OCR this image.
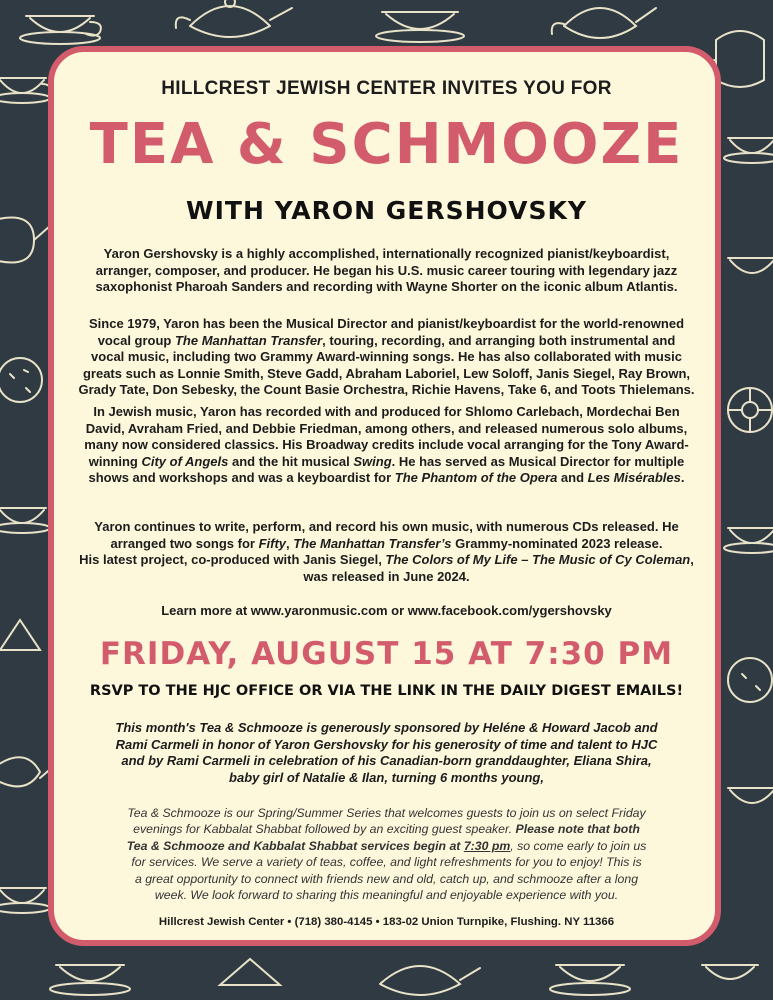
HILLCREST JEWISH CENTER INVITES YOU FOR
TEA & SCHMOOZE
WITH YARON GERSHOVSKY
Yaron Gershovsky is a highly accomplished, internationally recognized pianist/keyboardist,
arranger, composer, and producer. He began his U.S. music career touring with legendary jazz
saxophonist Pharoah Sanders and recording with Wayne Shorter on the iconic album Atlantis.
Since 1979, Yaron has been the Musical Director and pianist/keyboardist for the world-renowned
vocal group The Manhattan Transfer, touring, recording, and arranging both instrumental and
vocal music, including two Grammy Award-winning songs. He has also collaborated with music
greats such as Lonnie Smith, Steve Gadd, Abraham Laboriel, Lew Soloff, Janis Siegel, Ray Brown,
Grady Tate, Don Sebesky, the Count Basie Orchestra, Richie Havens, Take 6, and Toots Thielemans.
In Jewish music, Yaron has recorded with and produced for Shlomo Carlebach, Mordechai Ben
David, Avraham Fried, and Debbie Friedman, among others, and released numerous solo albums,
many now considered classics. His Broadway credits include vocal arranging for the Tony Award-
winning City of Angels and the hit musical Swing. He has served as Musical Director for multiple
shows and workshops and was a keyboardist for The Phantom of the Opera and Les Misérables.
Yaron continues to write, perform, and record his own music, with numerous CDs released. He
arranged two songs for Fifty, The Manhattan Transfer’s Grammy-nominated 2023 release.
His latest project, co-produced with Janis Siegel, The Colors of My Life – The Music of Cy Coleman,
was released in June 2024.
Learn more at www.yaronmusic.com or www.facebook.com/ygershovsky
FRIDAY, AUGUST 15 AT 7:30 PM
RSVP TO THE HJC OFFICE OR VIA THE LINK IN THE DAILY DIGEST EMAILS!
This month's Tea & Schmooze is generously sponsored by Heléne & Howard Jacob and
Rami Carmeli in honor of Yaron Gershovsky for his generosity of time and talent to HJC
and by Rami Carmeli in celebration of his Canadian-born granddaughter, Eliana Shira,
baby girl of Natalie & Ilan, turning 6 months young,
Tea & Schmooze is our Spring/Summer Series that welcomes guests to join us on select Friday
evenings for Kabbalat Shabbat followed by an exciting guest speaker. Please note that both
Tea & Schmooze and Kabbalat Shabbat services begin at 7:30 pm, so come early to join us
for services. We serve a variety of teas, coffee, and light refreshments for you to enjoy! This is
a great opportunity to connect with friends new and old, catch up, and schmooze after a long
week. We look forward to sharing this meaningful and enjoyable experience with you.
Hillcrest Jewish Center • (718) 380-4145 • 183-02 Union Turnpike, Flushing. NY 11366
